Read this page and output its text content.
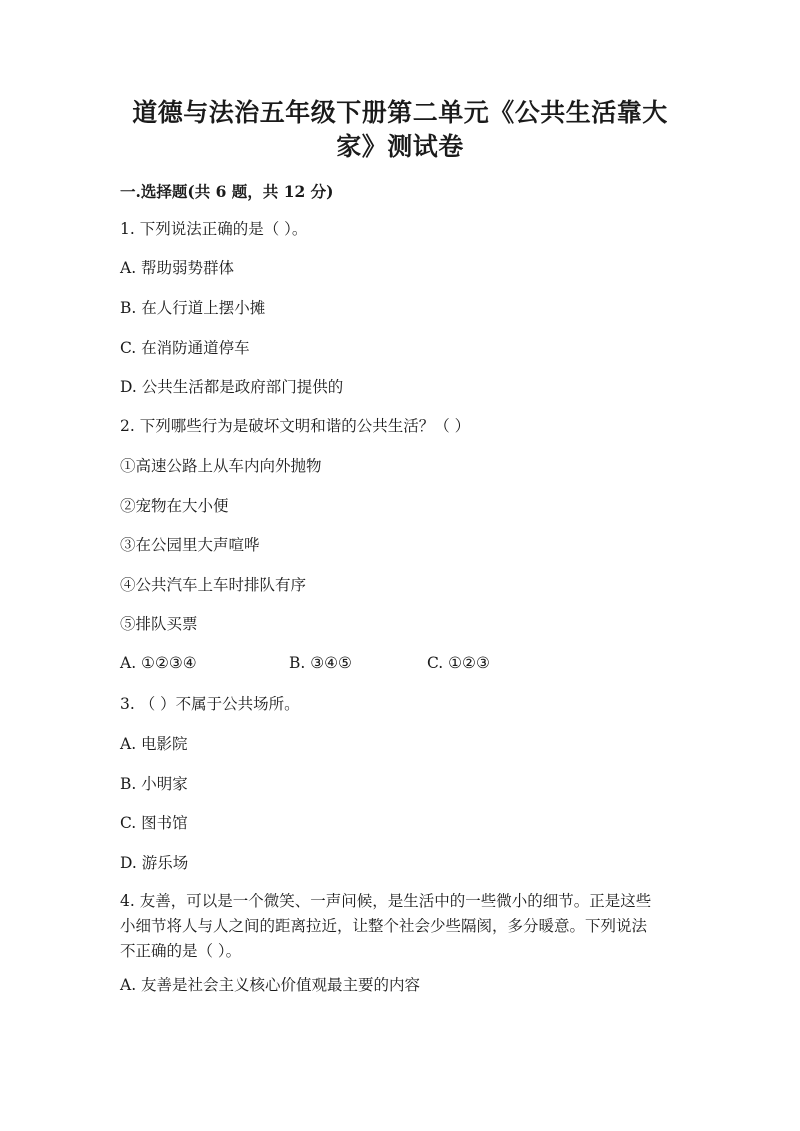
道德与法治五年级下册第二单元《公共生活靠大
家》测试卷
一.选择题(共 6 题，共 12 分)
1. 下列说法正确的是（ ）。
A. 帮助弱势群体
B. 在人行道上摆小摊
C. 在消防通道停车
D. 公共生活都是政府部门提供的
2. 下列哪些行为是破坏文明和谐的公共生活？（ ）
①高速公路上从车内向外抛物
②宠物在大小便
③在公园里大声喧哗
④公共汽车上车时排队有序
⑤排队买票
A. ①②③④	B. ③④⑤	C. ①②③
3. （ ）不属于公共场所。
A. 电影院
B. 小明家
C. 图书馆
D. 游乐场
4. 友善，可以是一个微笑、一声问候，是生活中的一些微小的细节。正是这些
小细节将人与人之间的距离拉近，让整个社会少些隔阂，多分暖意。下列说法
不正确的是（ ）。
A. 友善是社会主义核心价值观最主要的内容
